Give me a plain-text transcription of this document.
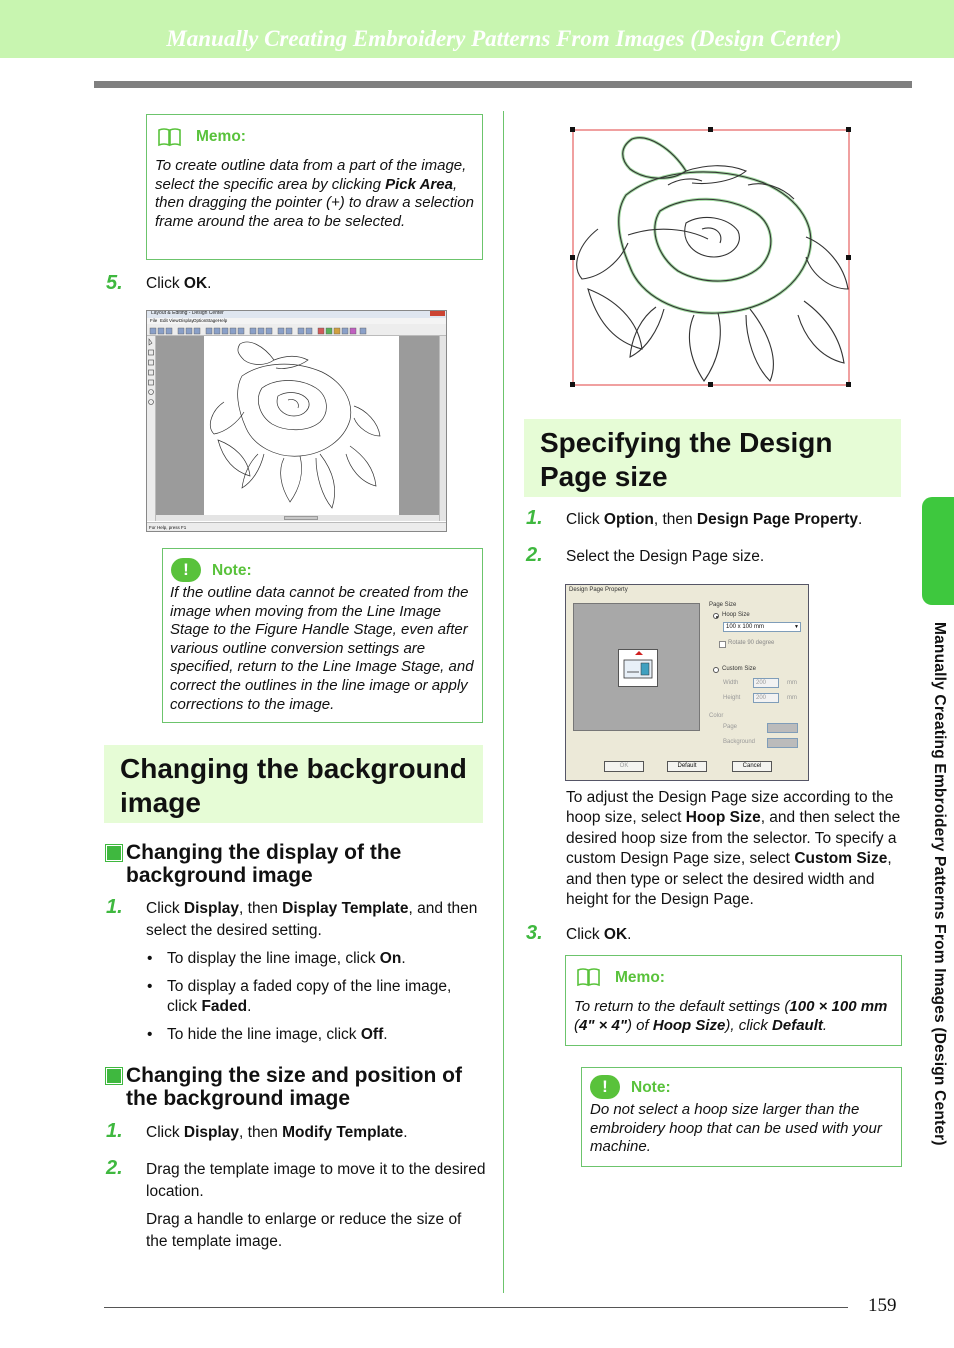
Manually Creating Embroidery Patterns From Images (Design Center)
Manually Creating Embroidery Patterns From Images (Design Center)
Memo:
To create outline data from a part of the image, select the specific area by clicking Pick Area, then dragging the pointer (+) to draw a selection frame around the area to be selected.
5. Click OK.
Layout & Editing - Design Center
File Edit View Display Option Stage Help
For Help, press F1
!	Note:
If the outline data cannot be created from the image when moving from the Line Image Stage to the Figure Handle Stage, even after various outline conversion settings are specified, return to the Line Image Stage, and correct the outlines in the line image or apply corrections to the image.
Changing the background image
Changing the display of the background image
1. Click Display, then Display Template, and then select the desired setting.
• To display the line image, click On.
• To display a faded copy of the line image, click Faded.
• To hide the line image, click Off.
Changing the size and position of the background image
1. Click Display, then Modify Template.
2. Drag the template image to move it to the desired location.
Drag a handle to enlarge or reduce the size of the template image.
Specifying the Design Page size
1. Click Option, then Design Page Property.
2. Select the Design Page size.
Design Page Property
Page Size
Hoop Size
100 x 100 mm	▼
Rotate 90 degree
Custom Size
Width	200	mm
Height	200	mm
Color
Page
Background
OK	Default	Cancel
To adjust the Design Page size according to the hoop size, select Hoop Size, and then select the desired hoop size from the selector. To specify a custom Design Page size, select Custom Size, and then type or select the desired width and height for the Design Page.
3. Click OK.
Memo:
To return to the default settings (100 × 100 mm (4" × 4") of Hoop Size), click Default.
!	Note:
Do not select a hoop size larger than the embroidery hoop that can be used with your machine.
159
